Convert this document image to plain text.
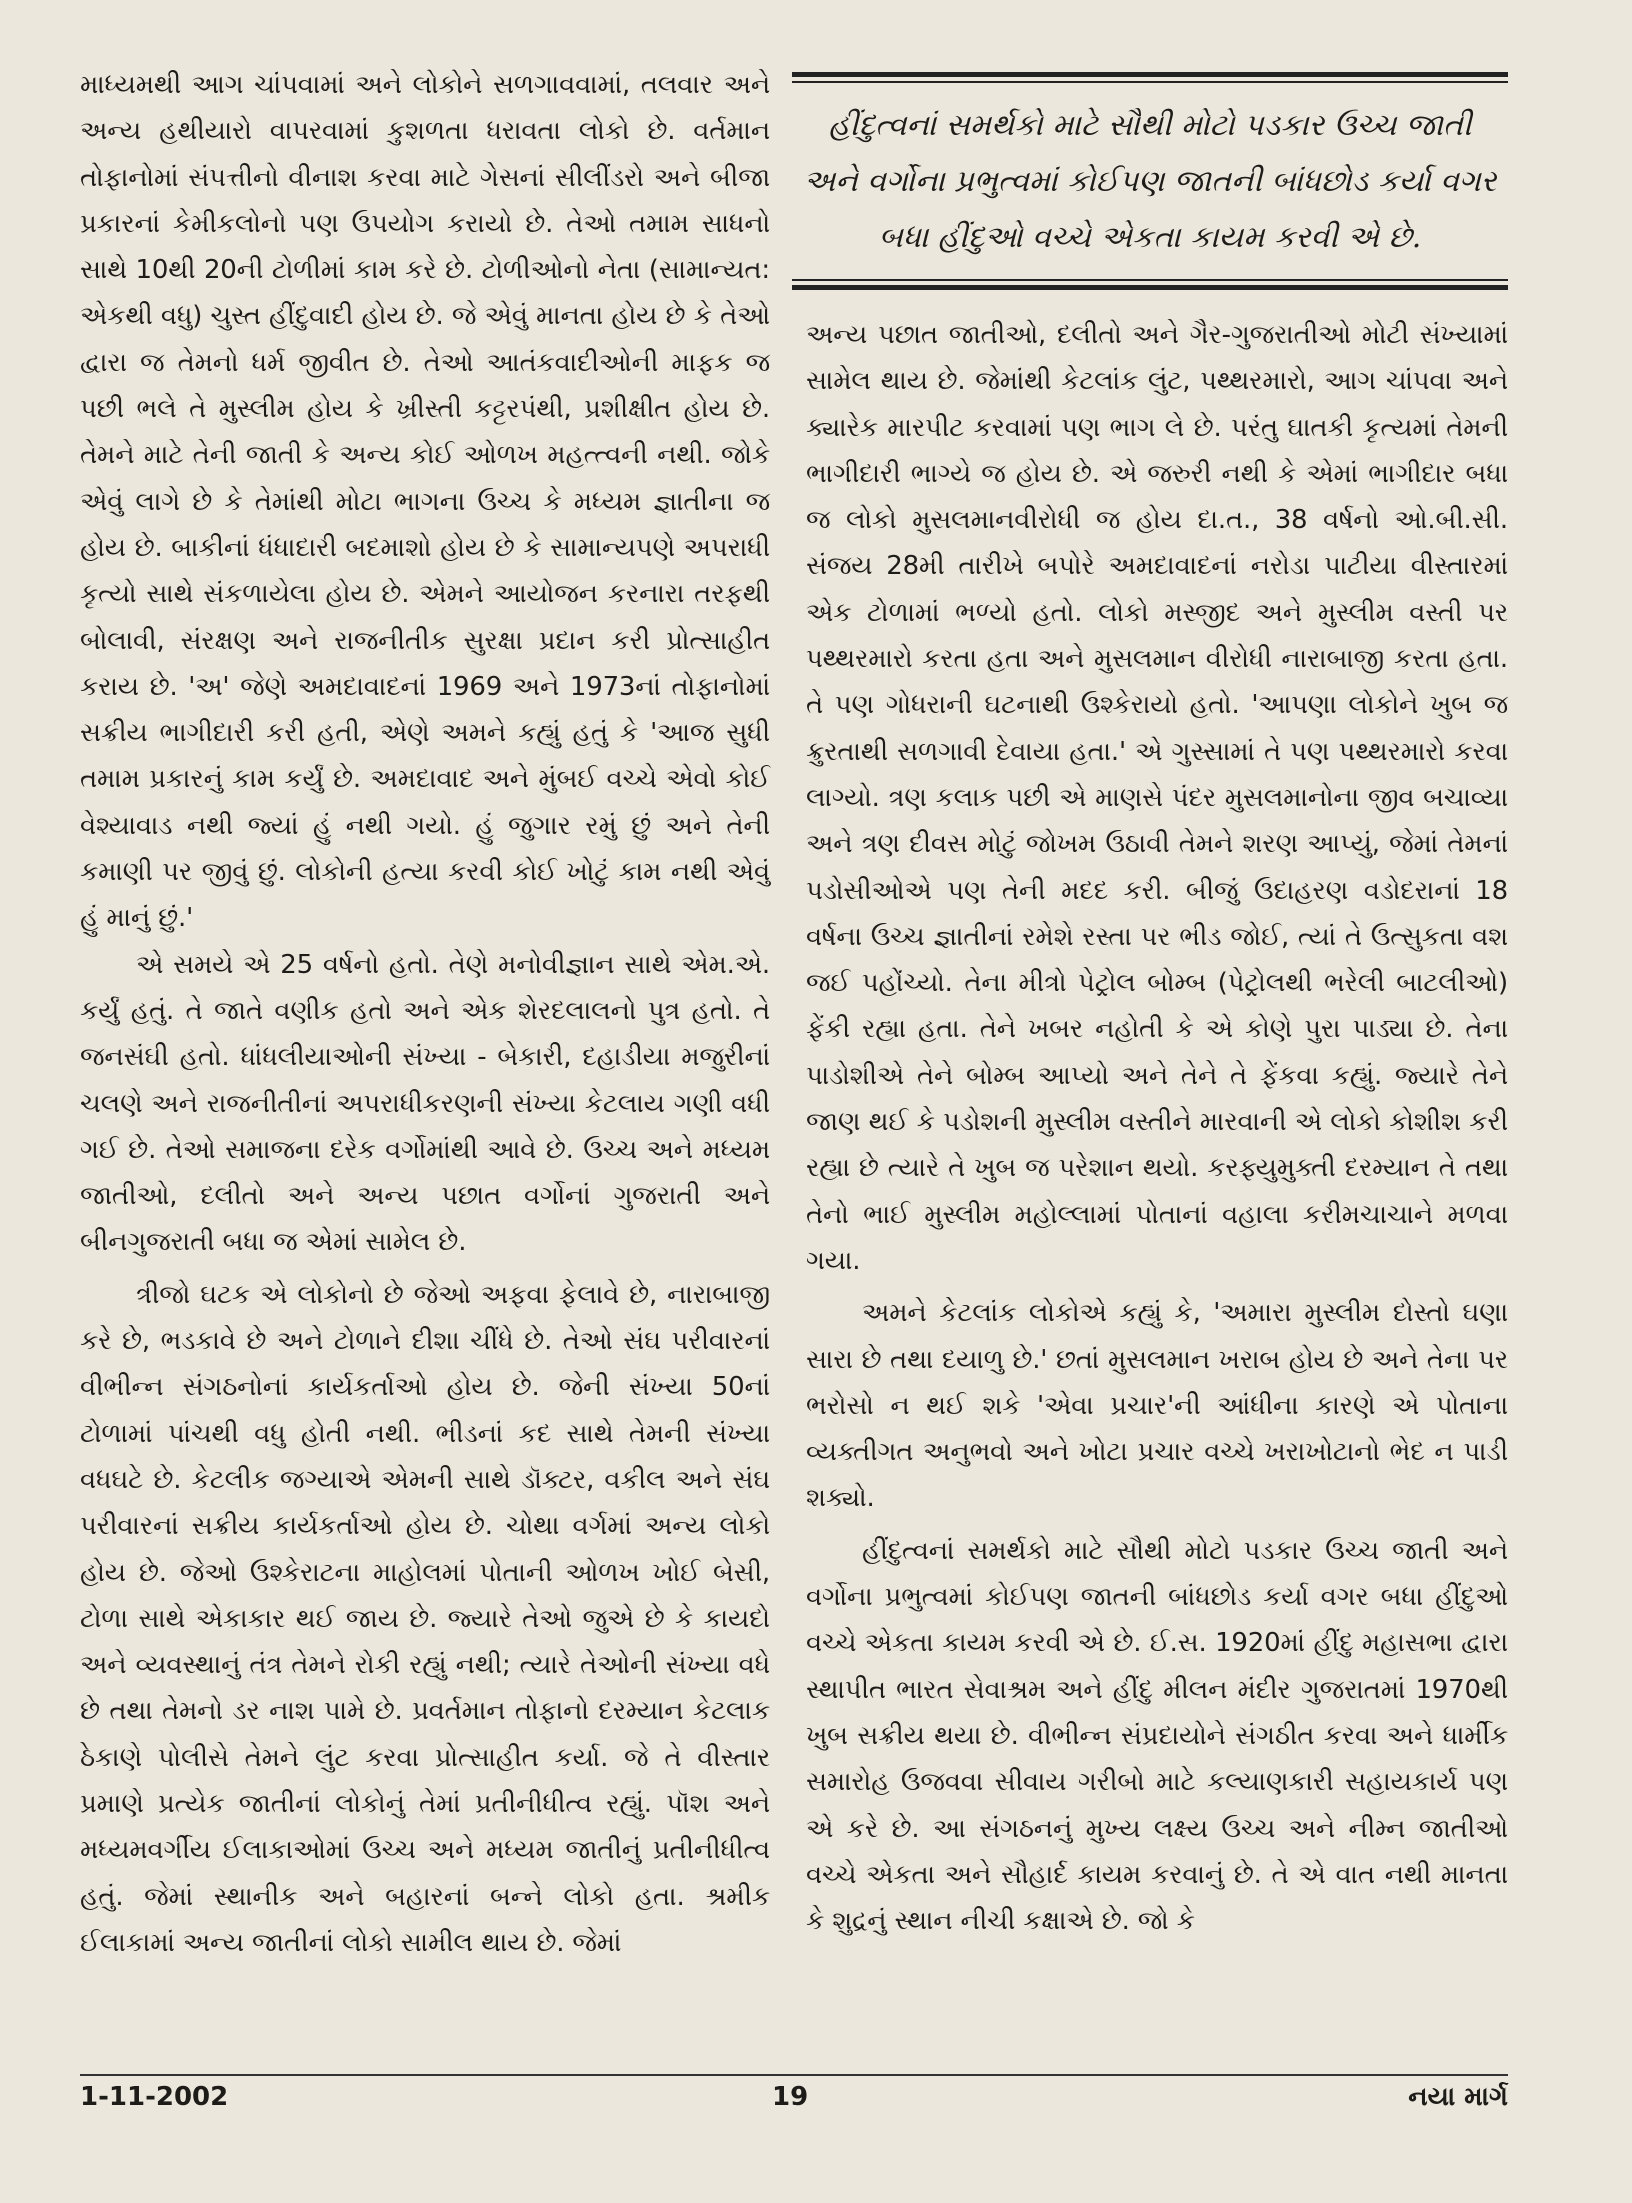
માધ્યમથી આગ ચાંપવામાં અને લોકોને સળગાવવામાં, તલવાર અને અન્ય હથીયારો વાપરવામાં કુશળતા ધરાવતા લોકો છે. વર્તમાન તોફાનોમાં સંપત્તીનો વીનાશ કરવા માટે ગેસનાં સીલીંડરો અને બીજા પ્રકારનાં કેમીકલોનો પણ ઉપયોગ કરાયો છે. તેઓ તમામ સાધનો સાથે 10થી 20ની ટોળીમાં કામ કરે છે. ટોળીઓનો નેતા (સામાન્યત: એકથી વધુ) ચુસ્ત હીંદુવાદી હોય છે. જે એવું માનતા હોય છે કે તેઓ દ્વારા જ તેમનો ધર્મ જીવીત છે. તેઓ આતંકવાદીઓની માફક જ પછી ભલે તે મુસ્લીમ હોય કે ખ્રીસ્તી કટ્ટરપંથી, પ્રશીક્ષીત હોય છે. તેમને માટે તેની જાતી કે અન્ય કોઈ ઓળખ મહત્ત્વની નથી. જોકે એવું લાગે છે કે તેમાંથી મોટા ભાગના ઉચ્ચ કે મધ્યમ જ્ઞાતીના જ હોય છે. બાકીનાં ધંધાદારી બદમાશો હોય છે કે સામાન્યપણે અપરાધી કૃત્યો સાથે સંકળાયેલા હોય છે. એમને આયોજન કરનારા તરફથી બોલાવી, સંરક્ષણ અને રાજનીતીક સુરક્ષા પ્રદાન કરી પ્રોત્સાહીત કરાય છે. 'અ' જેણે અમદાવાદનાં 1969 અને 1973નાં તોફાનોમાં સક્રીય ભાગીદારી કરી હતી, એણે અમને કહ્યું હતું કે 'આજ સુધી તમામ પ્રકારનું કામ કર્યું છે. અમદાવાદ અને મુંબઈ વચ્ચે એવો કોઈ વેશ્યાવાડ નથી જ્યાં હું નથી ગયો. હું જુગાર રમું છું અને તેની કમાણી પર જીવું છું. લોકોની હત્યા કરવી કોઈ ખોટું કામ નથી એવું હું માનું છું.'

એ સમયે એ 25 વર્ષનો હતો. તેણે મનોવીજ્ઞાન સાથે એમ.એ. કર્યું હતું. તે જાતે વણીક હતો અને એક શેરદલાલનો પુત્ર હતો. તે જનસંઘી હતો. ધાંધલીયાઓની સંખ્યા - બેકારી, દહાડીયા મજુરીનાં ચલણે અને રાજનીતીનાં અપરાધીકરણની સંખ્યા કેટલાય ગણી વધી ગઈ છે. તેઓ સમાજના દરેક વર્ગોમાંથી આવે છે. ઉચ્ચ અને મધ્યમ જાતીઓ, દલીતો અને અન્ય પછાત વર્ગોનાં ગુજરાતી અને બીનગુજરાતી બધા જ એમાં સામેલ છે.

ત્રીજો ઘટક એ લોકોનો છે જેઓ અફવા ફેલાવે છે, નારાબાજી કરે છે, ભડકાવે છે અને ટોળાને દીશા ચીંધે છે. તેઓ સંઘ પરીવારનાં વીભીન્ન સંગઠનોનાં કાર્યકર્તાઓ હોય છે. જેની સંખ્યા 50નાં ટોળામાં પાંચથી વધુ હોતી નથી. ભીડનાં કદ સાથે તેમની સંખ્યા વધઘટે છે. કેટલીક જગ્યાએ એમની સાથે ડૉક્ટર, વકીલ અને સંઘ પરીવારનાં સક્રીય કાર્યકર્તાઓ હોય છે. ચોથા વર્ગમાં અન્ય લોકો હોય છે. જેઓ ઉશ્કેરાટના માહોલમાં પોતાની ઓળખ ખોઈ બેસી, ટોળા સાથે એકાકાર થઈ જાય છે. જ્યારે તેઓ જુએ છે કે કાયદો અને વ્યવસ્થાનું તંત્ર તેમને રોકી રહ્યું નથી; ત્યારે તેઓની સંખ્યા વધે છે તથા તેમનો ડર નાશ પામે છે. પ્રવર્તમાન તોફાનો દરમ્યાન કેટલાક ઠેકાણે પોલીસે તેમને લુંટ કરવા પ્રોત્સાહીત કર્યા. જે તે વીસ્તાર પ્રમાણે પ્રત્યેક જાતીનાં લોકોનું તેમાં પ્રતીનીધીત્વ રહ્યું. પૉશ અને મધ્યમવર્ગીય ઈલાકાઓમાં ઉચ્ચ અને મધ્યમ જાતીનું પ્રતીનીધીત્વ હતું. જેમાં સ્થાનીક અને બહારનાં બન્ને લોકો હતા. શ્રમીક ઈલાકામાં અન્ય જાતીનાં લોકો સામીલ થાય છે. જેમાં

હીંદુત્વનાં સમર્થકો માટે સૌથી મોટો પડકાર ઉચ્ચ જાતી અને વર્ગોના પ્રભુત્વમાં કોઈપણ જાતની બાંધછોડ કર્યા વગર બધા હીંદુઓ વચ્ચે એકતા કાયમ કરવી એ છે.

અન્ય પછાત જાતીઓ, દલીતો અને ગૈર-ગુજરાતીઓ મોટી સંખ્યામાં સામેલ થાય છે. જેમાંથી કેટલાંક લુંટ, પથ્થરમારો, આગ ચાંપવા અને ક્યારેક મારપીટ કરવામાં પણ ભાગ લે છે. પરંતુ ઘાતકી કૃત્યમાં તેમની ભાગીદારી ભાગ્યે જ હોય છે. એ જરુરી નથી કે એમાં ભાગીદાર બધા જ લોકો મુસલમાનવીરોધી જ હોય દા.ત., 38 વર્ષનો ઓ.બી.સી. સંજય 28મી તારીખે બપોરે અમદાવાદનાં નરોડા પાટીયા વીસ્તારમાં એક ટોળામાં ભળ્યો હતો. લોકો મસ્જીદ અને મુસ્લીમ વસ્તી પર પથ્થરમારો કરતા હતા અને મુસલમાન વીરોધી નારાબાજી કરતા હતા. તે પણ ગોધરાની ઘટનાથી ઉશ્કેરાયો હતો. 'આપણા લોકોને ખુબ જ ક્રુરતાથી સળગાવી દેવાયા હતા.' એ ગુસ્સામાં તે પણ પથ્થરમારો કરવા લાગ્યો. ત્રણ કલાક પછી એ માણસે પંદર મુસલમાનોના જીવ બચાવ્યા અને ત્રણ દીવસ મોટું જોખમ ઉઠાવી તેમને શરણ આપ્યું, જેમાં તેમનાં પડોસીઓએ પણ તેની મદદ કરી. બીજું ઉદાહરણ વડોદરાનાં 18 વર્ષના ઉચ્ચ જ્ઞાતીનાં રમેશે રસ્તા પર ભીડ જોઈ, ત્યાં તે ઉત્સુકતા વશ જઈ પહોંચ્યો. તેના મીત્રો પેટ્રોલ બોમ્બ (પેટ્રોલથી ભરેલી બાટલીઓ) ફેંકી રહ્યા હતા. તેને ખબર નહોતી કે એ કોણે પુરા પાડ્યા છે. તેના પાડોશીએ તેને બોમ્બ આપ્યો અને તેને તે ફેંકવા કહ્યું. જ્યારે તેને જાણ થઈ કે પડોશની મુસ્લીમ વસ્તીને મારવાની એ લોકો કોશીશ કરી રહ્યા છે ત્યારે તે ખુબ જ પરેશાન થયો. કરફ્યુમુક્તી દરમ્યાન તે તથા તેનો ભાઈ મુસ્લીમ મહોલ્લામાં પોતાનાં વહાલા કરીમચાચાને મળવા ગયા.

અમને કેટલાંક લોકોએ કહ્યું કે, 'અમારા મુસ્લીમ દોસ્તો ઘણા સારા છે તથા દયાળુ છે.' છતાં મુસલમાન ખરાબ હોય છે અને તેના પર ભરોસો ન થઈ શકે 'એવા પ્રચાર'ની આંધીના કારણે એ પોતાના વ્યક્તીગત અનુભવો અને ખોટા પ્રચાર વચ્ચે ખરાખોટાનો ભેદ ન પાડી શક્યો.

હીંદુત્વનાં સમર્થકો માટે સૌથી મોટો પડકાર ઉચ્ચ જાતી અને વર્ગોના પ્રભુત્વમાં કોઈપણ જાતની બાંધછોડ કર્યા વગર બધા હીંદુઓ વચ્ચે એકતા કાયમ કરવી એ છે. ઈ.સ. 1920માં હીંદુ મહાસભા દ્વારા સ્થાપીત ભારત સેવાશ્રમ અને હીંદુ મીલન મંદીર ગુજરાતમાં 1970થી ખુબ સક્રીય થયા છે. વીભીન્ન સંપ્રદાયોને સંગઠીત કરવા અને ધાર્મીક સમારોહ ઉજવવા સીવાય ગરીબો માટે કલ્યાણકારી સહાયકાર્ય પણ એ કરે છે. આ સંગઠનનું મુખ્ય લક્ષ્ય ઉચ્ચ અને નીમ્ન જાતીઓ વચ્ચે એકતા અને સૌહાર્દ કાયમ કરવાનું છે. તે એ વાત નથી માનતા કે શુદ્રનું સ્થાન નીચી કક્ષાએ છે. જો કે

1-11-2002	19	નયા માર્ગ
